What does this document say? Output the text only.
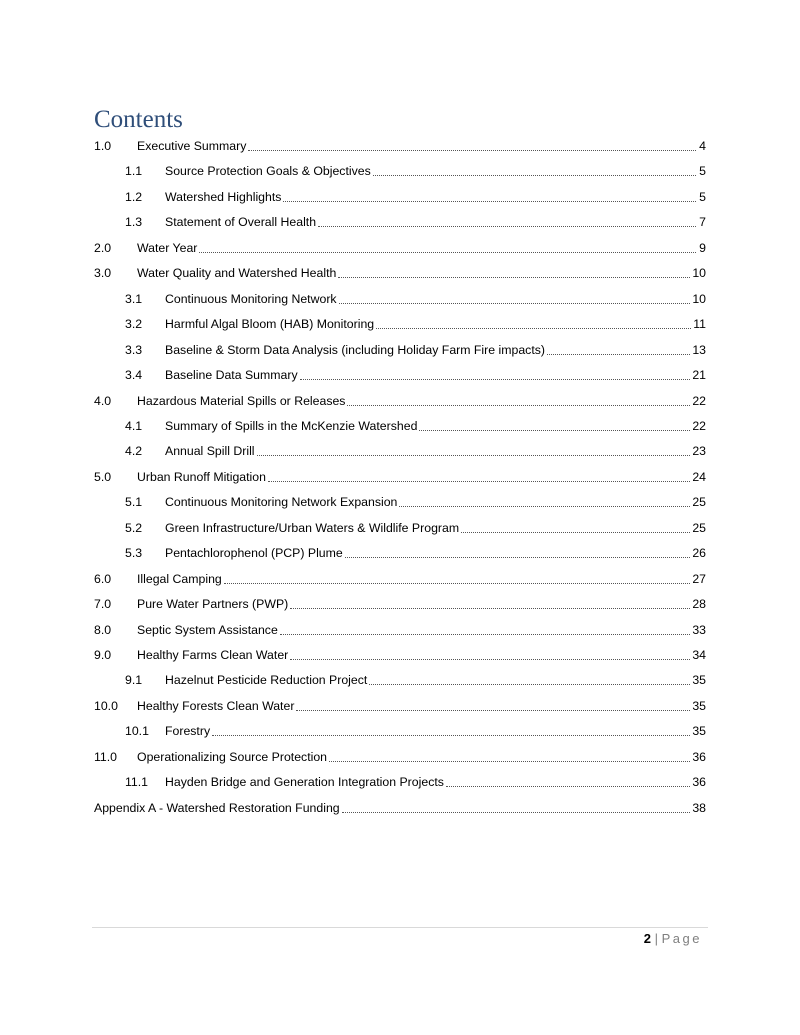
Contents
1.0	Executive Summary	4
1.1	Source Protection Goals & Objectives	5
1.2	Watershed Highlights	5
1.3	Statement of Overall Health	7
2.0	Water Year	9
3.0	Water Quality and Watershed Health	10
3.1	Continuous Monitoring Network	10
3.2	Harmful Algal Bloom (HAB) Monitoring	11
3.3	Baseline & Storm Data Analysis (including Holiday Farm Fire impacts)	13
3.4	Baseline Data Summary	21
4.0	Hazardous Material Spills or Releases	22
4.1	Summary of Spills in the McKenzie Watershed	22
4.2	Annual Spill Drill	23
5.0	Urban Runoff Mitigation	24
5.1	Continuous Monitoring Network Expansion	25
5.2	Green Infrastructure/Urban Waters & Wildlife Program	25
5.3	Pentachlorophenol (PCP) Plume	26
6.0	Illegal Camping	27
7.0	Pure Water Partners (PWP)	28
8.0	Septic System Assistance	33
9.0	Healthy Farms Clean Water	34
9.1	Hazelnut Pesticide Reduction Project	35
10.0	Healthy Forests Clean Water	35
10.1	Forestry	35
11.0	Operationalizing Source Protection	36
11.1	Hayden Bridge and Generation Integration Projects	36
Appendix A - Watershed Restoration Funding	38
2 | Page
